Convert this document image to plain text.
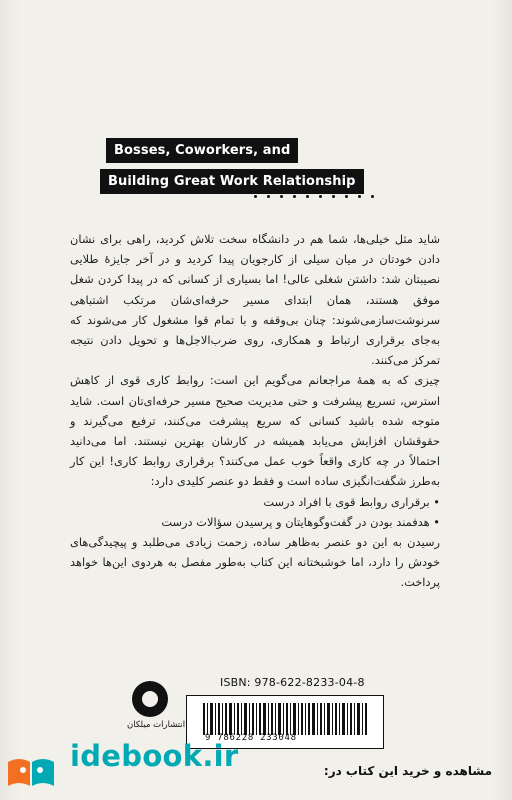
Bosses, Coworkers, and
Building Great Work Relationship

شاید مثل خیلی‌ها، شما هم در دانشگاه سخت تلاش کردید، راهی برای نشان دادن خودتان در میان سیلی از کارجویان پیدا کردید و در آخر جایزهٔ طلایی نصیبتان شد: داشتن شغلی عالی! اما بسیاری از کسانی که در پیدا کردن شغل موفق هستند، همان ابتدای مسیر حرفه‌ای‌شان مرتکب اشتباهی سرنوشت‌سازمی‌شوند: چنان بی‌وقفه و با تمام قوا مشغول کار می‌شوند که به‌جای برقراری ارتباط و همکاری، روی ضرب‌الاجل‌ها و تحویل دادن نتیجه تمرکز می‌کنند.

چیزی که به همهٔ مراجعانم می‌گویم این است: روابط کاری قوی از کاهش استرس، تسریع پیشرفت و حتی مدیریت صحیح مسیر حرفه‌ای‌تان است. شاید متوجه شده باشید کسانی که سریع پیشرفت می‌کنند، ترفیع می‌گیرند و حقوقشان افزایش می‌یابد همیشه در کارشان بهترین نیستند. اما می‌دانید احتمالاً در چه کاری واقعاً خوب عمل می‌کنند؟ برقراری روابط کاری! این کار به‌طرز شگفت‌انگیزی ساده است و فقط دو عنصر کلیدی دارد:

• برقراری روابط قوی با افراد درست

• هدفمند بودن در گفت‌وگوهایتان و پرسیدن سؤالات درست

رسیدن به این دو عنصر به‌ظاهر ساده، زحمت زیادی می‌طلبد و پیچیدگی‌های خودش را دارد، اما خوشبختانه این کتاب به‌طور مفصل به هردوی این‌ها خواهد پرداخت.

انتشارات میلکان
ISBN: 978-622-8233-04-8
9 786228 233048
idebook.ir	مشاهده و خرید این کتاب در:
